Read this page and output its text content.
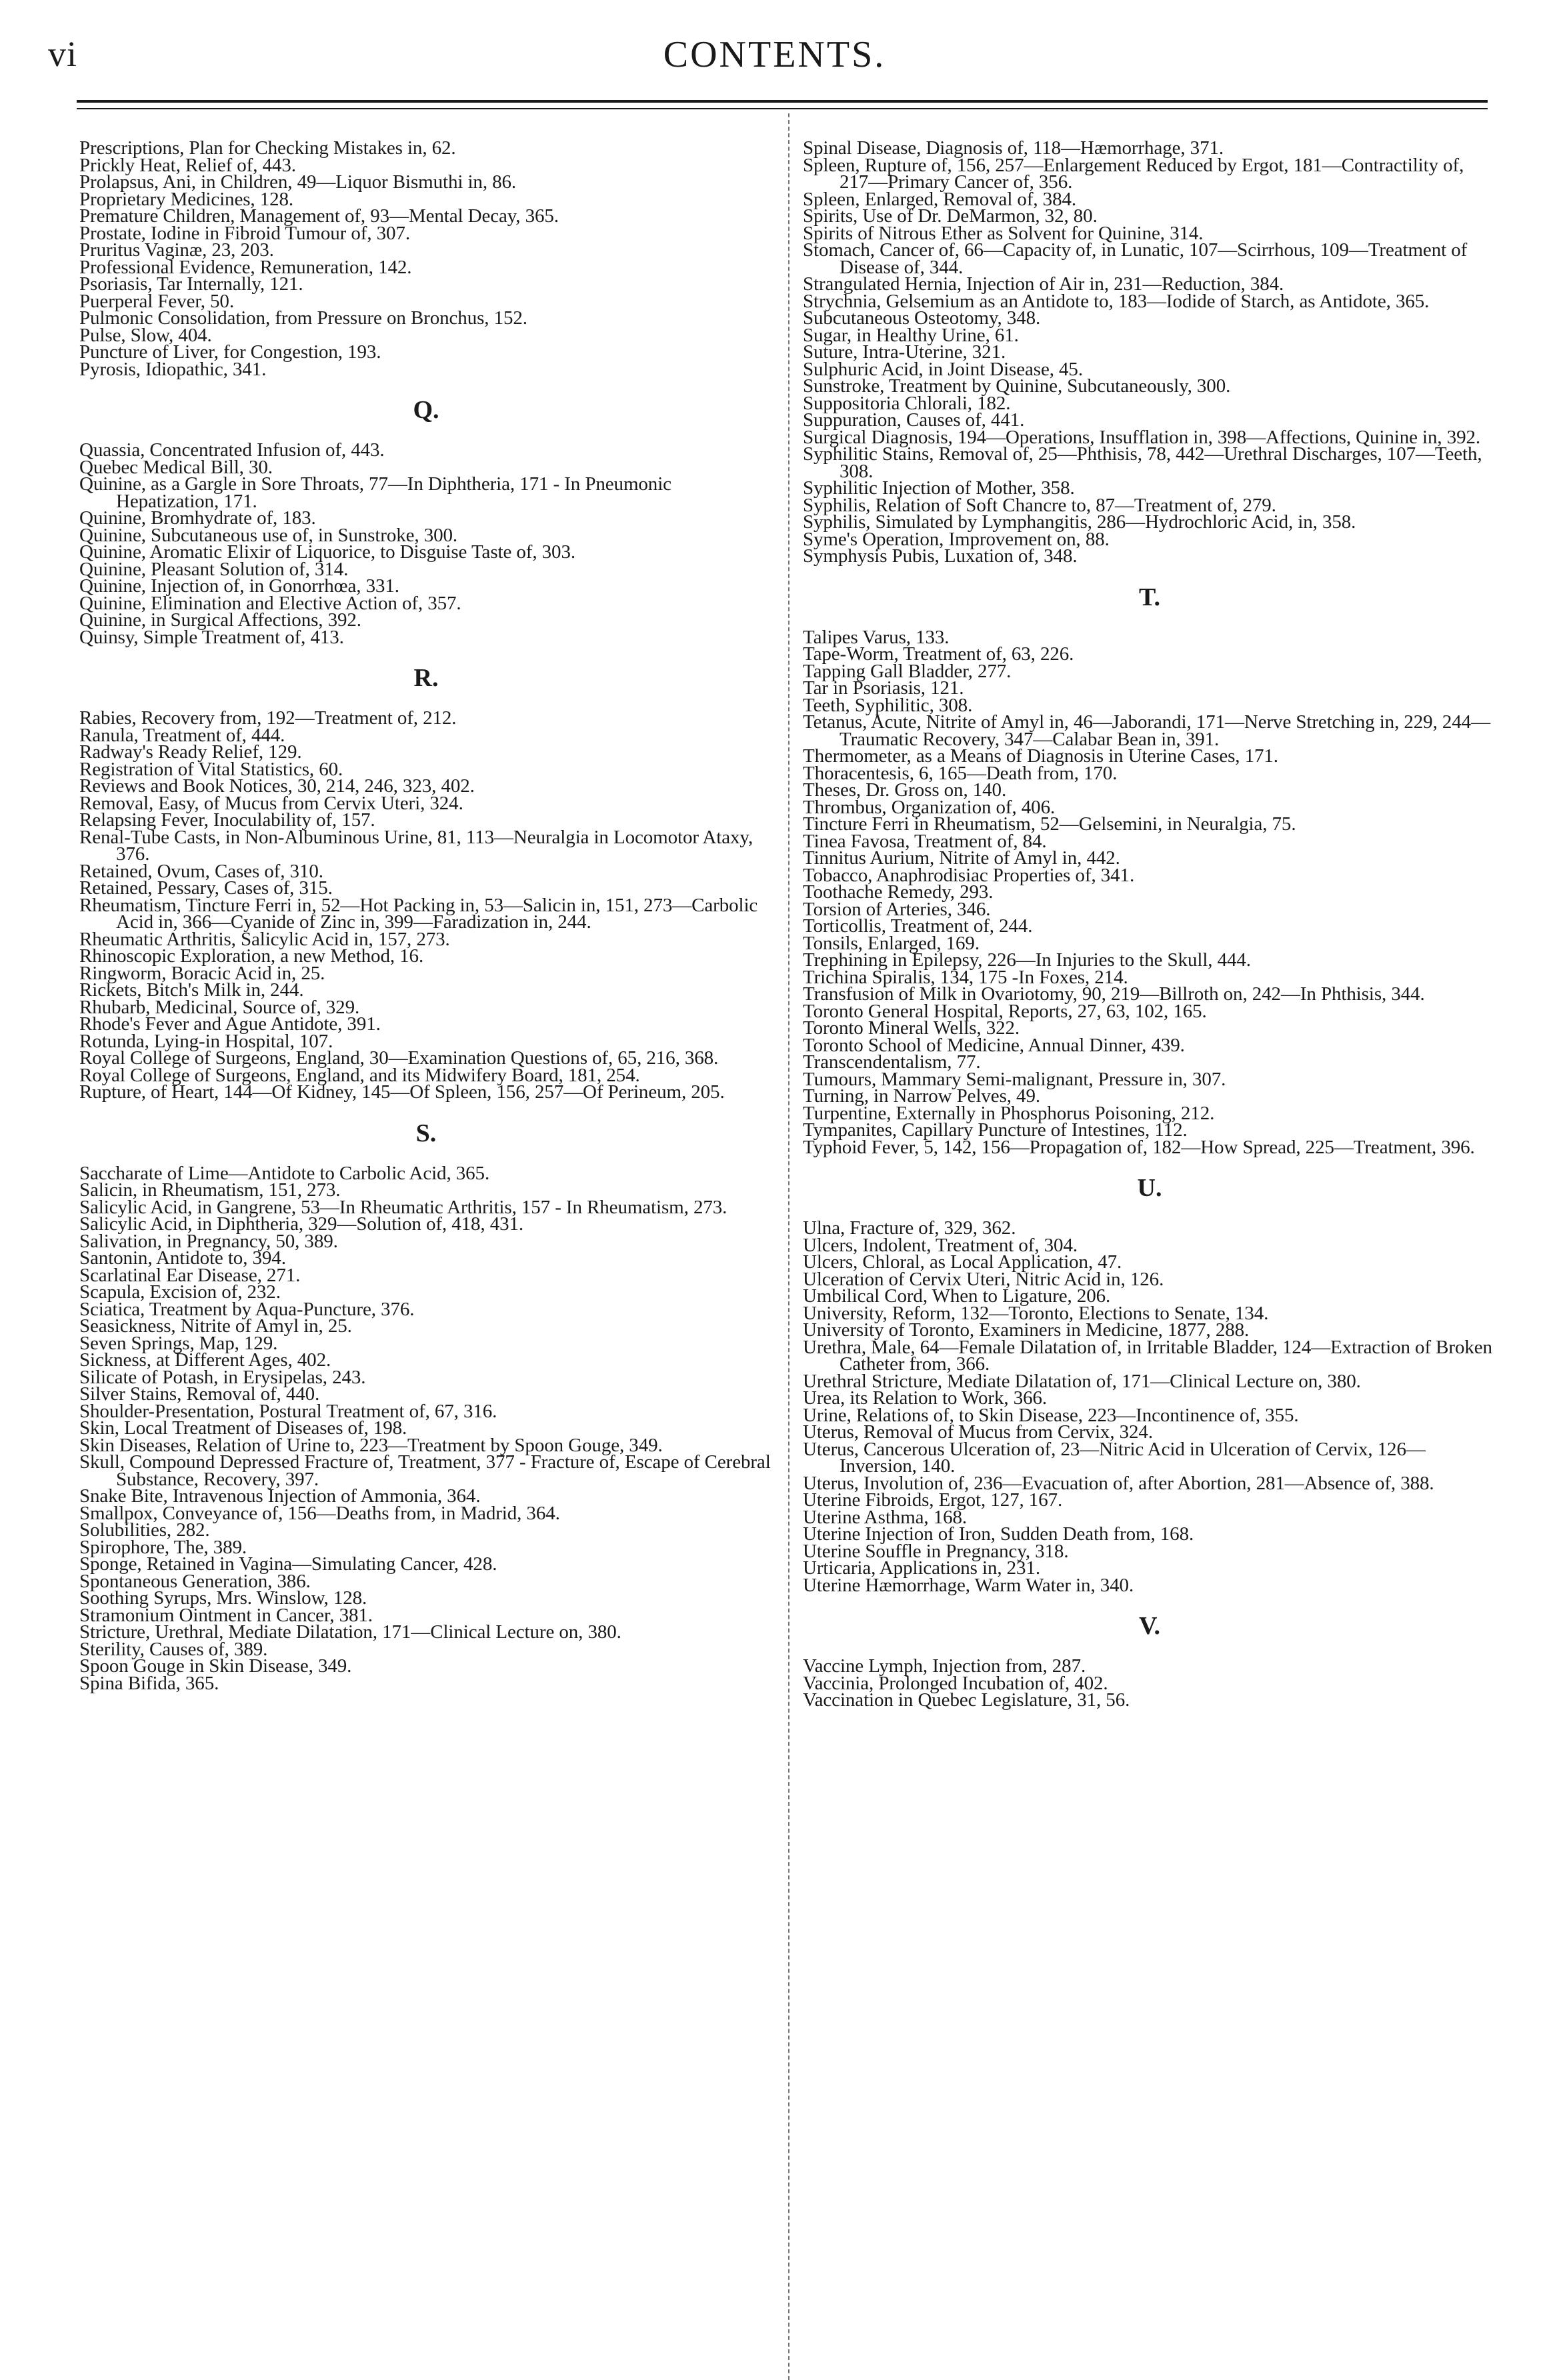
vi	CONTENTS.

Prescriptions, Plan for Checking Mistakes in, 62.

Prickly Heat, Relief of, 443.

Prolapsus, Ani, in Children, 49—Liquor Bismuthi in, 86.

Proprietary Medicines, 128.

Premature Children, Management of, 93—Mental Decay, 365.

Prostate, Iodine in Fibroid Tumour of, 307.

Pruritus Vaginæ, 23, 203.

Professional Evidence, Remuneration, 142.

Psoriasis, Tar Internally, 121.

Puerperal Fever, 50.

Pulmonic Consolidation, from Pressure on Bronchus, 152.

Pulse, Slow, 404.

Puncture of Liver, for Congestion, 193.

Pyrosis, Idiopathic, 341.

Q.

Quassia, Concentrated Infusion of, 443.

Quebec Medical Bill, 30.

Quinine, as a Gargle in Sore Throats, 77—In Diphtheria, 171 - In Pneumonic Hepatization, 171.

Quinine, Bromhydrate of, 183.

Quinine, Subcutaneous use of, in Sunstroke, 300.

Quinine, Aromatic Elixir of Liquorice, to Disguise Taste of, 303.

Quinine, Pleasant Solution of, 314.

Quinine, Injection of, in Gonorrhœa, 331.

Quinine, Elimination and Elective Action of, 357.

Quinine, in Surgical Affections, 392.

Quinsy, Simple Treatment of, 413.

R.

Rabies, Recovery from, 192—Treatment of, 212.

Ranula, Treatment of, 444.

Radway's Ready Relief, 129.

Registration of Vital Statistics, 60.

Reviews and Book Notices, 30, 214, 246, 323, 402.

Removal, Easy, of Mucus from Cervix Uteri, 324.

Relapsing Fever, Inoculability of, 157.

Renal-Tube Casts, in Non-Albuminous Urine, 81, 113—Neuralgia in Locomotor Ataxy, 376.

Retained, Ovum, Cases of, 310.

Retained, Pessary, Cases of, 315.

Rheumatism, Tincture Ferri in, 52—Hot Packing in, 53—Salicin in, 151, 273—Carbolic Acid in, 366—Cyanide of Zinc in, 399—Faradization in, 244.

Rheumatic Arthritis, Salicylic Acid in, 157, 273.

Rhinoscopic Exploration, a new Method, 16.

Ringworm, Boracic Acid in, 25.

Rickets, Bitch's Milk in, 244.

Rhubarb, Medicinal, Source of, 329.

Rhode's Fever and Ague Antidote, 391.

Rotunda, Lying-in Hospital, 107.

Royal College of Surgeons, England, 30—Examination Questions of, 65, 216, 368.

Royal College of Surgeons, England, and its Midwifery Board, 181, 254.

Rupture, of Heart, 144—Of Kidney, 145—Of Spleen, 156, 257—Of Perineum, 205.

S.

Saccharate of Lime—Antidote to Carbolic Acid, 365.

Salicin, in Rheumatism, 151, 273.

Salicylic Acid, in Gangrene, 53—In Rheumatic Arthritis, 157 - In Rheumatism, 273.

Salicylic Acid, in Diphtheria, 329—Solution of, 418, 431.

Salivation, in Pregnancy, 50, 389.

Santonin, Antidote to, 394.

Scarlatinal Ear Disease, 271.

Scapula, Excision of, 232.

Sciatica, Treatment by Aqua-Puncture, 376.

Seasickness, Nitrite of Amyl in, 25.

Seven Springs, Map, 129.

Sickness, at Different Ages, 402.

Silicate of Potash, in Erysipelas, 243.

Silver Stains, Removal of, 440.

Shoulder-Presentation, Postural Treatment of, 67, 316.

Skin, Local Treatment of Diseases of, 198.

Skin Diseases, Relation of Urine to, 223—Treatment by Spoon Gouge, 349.

Skull, Compound Depressed Fracture of, Treatment, 377 - Fracture of, Escape of Cerebral Substance, Recovery, 397.

Snake Bite, Intravenous Injection of Ammonia, 364.

Smallpox, Conveyance of, 156—Deaths from, in Madrid, 364.

Solubilities, 282.

Spirophore, The, 389.

Sponge, Retained in Vagina—Simulating Cancer, 428.

Spontaneous Generation, 386.

Soothing Syrups, Mrs. Winslow, 128.

Stramonium Ointment in Cancer, 381.

Stricture, Urethral, Mediate Dilatation, 171—Clinical Lecture on, 380.

Sterility, Causes of, 389.

Spoon Gouge in Skin Disease, 349.

Spina Bifida, 365.

Spinal Disease, Diagnosis of, 118—Hæmorrhage, 371.

Spleen, Rupture of, 156, 257—Enlargement Reduced by Ergot, 181—Contractility of, 217—Primary Cancer of, 356.

Spleen, Enlarged, Removal of, 384.

Spirits, Use of Dr. DeMarmon, 32, 80.

Spirits of Nitrous Ether as Solvent for Quinine, 314.

Stomach, Cancer of, 66—Capacity of, in Lunatic, 107—Scirrhous, 109—Treatment of Disease of, 344.

Strangulated Hernia, Injection of Air in, 231—Reduction, 384.

Strychnia, Gelsemium as an Antidote to, 183—Iodide of Starch, as Antidote, 365.

Subcutaneous Osteotomy, 348.

Sugar, in Healthy Urine, 61.

Suture, Intra-Uterine, 321.

Sulphuric Acid, in Joint Disease, 45.

Sunstroke, Treatment by Quinine, Subcutaneously, 300.

Suppositoria Chlorali, 182.

Suppuration, Causes of, 441.

Surgical Diagnosis, 194—Operations, Insufflation in, 398—Affections, Quinine in, 392.

Syphilitic Stains, Removal of, 25—Phthisis, 78, 442—Urethral Discharges, 107—Teeth, 308.

Syphilitic Injection of Mother, 358.

Syphilis, Relation of Soft Chancre to, 87—Treatment of, 279.

Syphilis, Simulated by Lymphangitis, 286—Hydrochloric Acid, in, 358.

Syme's Operation, Improvement on, 88.

Symphysis Pubis, Luxation of, 348.

T.

Talipes Varus, 133.

Tape-Worm, Treatment of, 63, 226.

Tapping Gall Bladder, 277.

Tar in Psoriasis, 121.

Teeth, Syphilitic, 308.

Tetanus, Acute, Nitrite of Amyl in, 46—Jaborandi, 171—Nerve Stretching in, 229, 244—Traumatic Recovery, 347—Calabar Bean in, 391.

Thermometer, as a Means of Diagnosis in Uterine Cases, 171.

Thoracentesis, 6, 165—Death from, 170.

Theses, Dr. Gross on, 140.

Thrombus, Organization of, 406.

Tincture Ferri in Rheumatism, 52—Gelsemini, in Neuralgia, 75.

Tinea Favosa, Treatment of, 84.

Tinnitus Aurium, Nitrite of Amyl in, 442.

Tobacco, Anaphrodisiac Properties of, 341.

Toothache Remedy, 293.

Torsion of Arteries, 346.

Torticollis, Treatment of, 244.

Tonsils, Enlarged, 169.

Trephining in Epilepsy, 226—In Injuries to the Skull, 444.

Trichina Spiralis, 134, 175 -In Foxes, 214.

Transfusion of Milk in Ovariotomy, 90, 219—Billroth on, 242—In Phthisis, 344.

Toronto General Hospital, Reports, 27, 63, 102, 165.

Toronto Mineral Wells, 322.

Toronto School of Medicine, Annual Dinner, 439.

Transcendentalism, 77.

Tumours, Mammary Semi-malignant, Pressure in, 307.

Turning, in Narrow Pelves, 49.

Turpentine, Externally in Phosphorus Poisoning, 212.

Tympanites, Capillary Puncture of Intestines, 112.

Typhoid Fever, 5, 142, 156—Propagation of, 182—How Spread, 225—Treatment, 396.

U.

Ulna, Fracture of, 329, 362.

Ulcers, Indolent, Treatment of, 304.

Ulcers, Chloral, as Local Application, 47.

Ulceration of Cervix Uteri, Nitric Acid in, 126.

Umbilical Cord, When to Ligature, 206.

University, Reform, 132—Toronto, Elections to Senate, 134.

University of Toronto, Examiners in Medicine, 1877, 288.

Urethra, Male, 64—Female Dilatation of, in Irritable Bladder, 124—Extraction of Broken Catheter from, 366.

Urethral Stricture, Mediate Dilatation of, 171—Clinical Lecture on, 380.

Urea, its Relation to Work, 366.

Urine, Relations of, to Skin Disease, 223—Incontinence of, 355.

Uterus, Removal of Mucus from Cervix, 324.

Uterus, Cancerous Ulceration of, 23—Nitric Acid in Ulceration of Cervix, 126—Inversion, 140.

Uterus, Involution of, 236—Evacuation of, after Abortion, 281—Absence of, 388.

Uterine Fibroids, Ergot, 127, 167.

Uterine Asthma, 168.

Uterine Injection of Iron, Sudden Death from, 168.

Uterine Souffle in Pregnancy, 318.

Urticaria, Applications in, 231.

Uterine Hæmorrhage, Warm Water in, 340.

V.

Vaccine Lymph, Injection from, 287.

Vaccinia, Prolonged Incubation of, 402.

Vaccination in Quebec Legislature, 31, 56.
